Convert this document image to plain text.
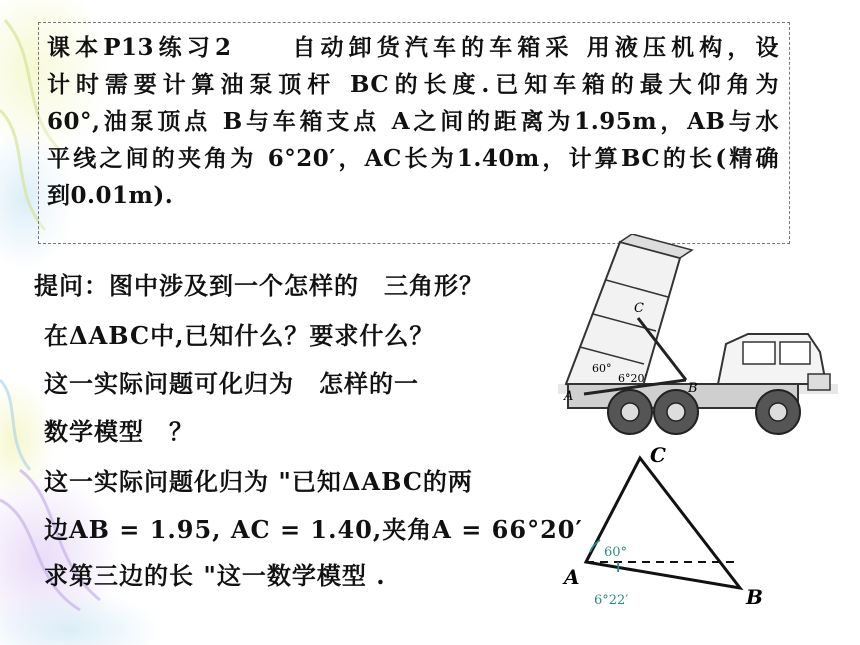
课本P13练习2　　自动卸货汽车的车箱采 用液压机构，设
计时需要计算油泵顶杆 BC的长度.已知车箱的最大仰角为
60°,油泵顶点 B与车箱支点 A之间的距离为1.95m，AB与水
平线之间的夹角为 6°20′，AC长为1.40m，计算BC的长(精确
到0.01m).
提问：图中涉及到一个怎样的　三角形？
在ΔABC中,已知什么？要求什么？
这一实际问题可化归为　怎样的一
数学模型　？
这一实际问题化归为 "已知ΔABC的两
边AB = 1.95, AC = 1.40,夹角A = 66°20′
求第三边的长 "这一数学模型 .
C
A
B
60°
6°20′
C
A
B
60°
6°22′
